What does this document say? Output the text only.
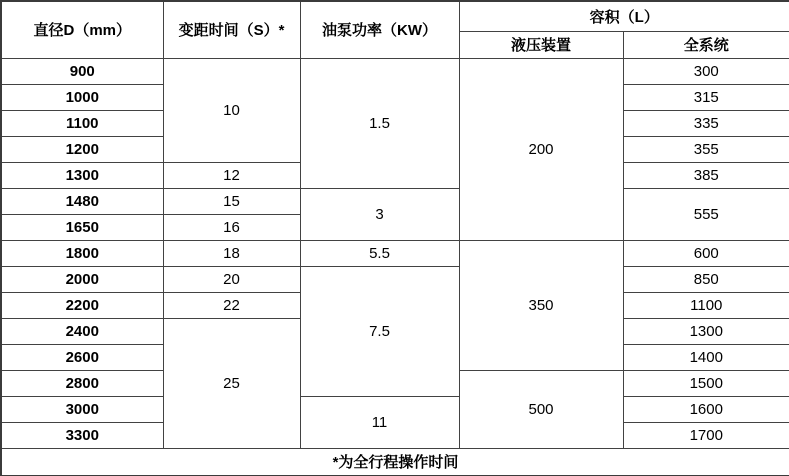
直径D（mm）	变距时间（S）*	油泵功率（KW）	容积（L）	
			液压装置	全系统
900	10	1.5	200	300
1000				315
1100				335
1200				355
1300	12			385
1480	15	3		555
1650	16			
1800	18	5.5	350	600
2000	20	7.5		850
2200	22			1100
2400	25			1300
2600				1400
2800			500	1500
3000		11		1600
3300				1700
*为全行程操作时间				
